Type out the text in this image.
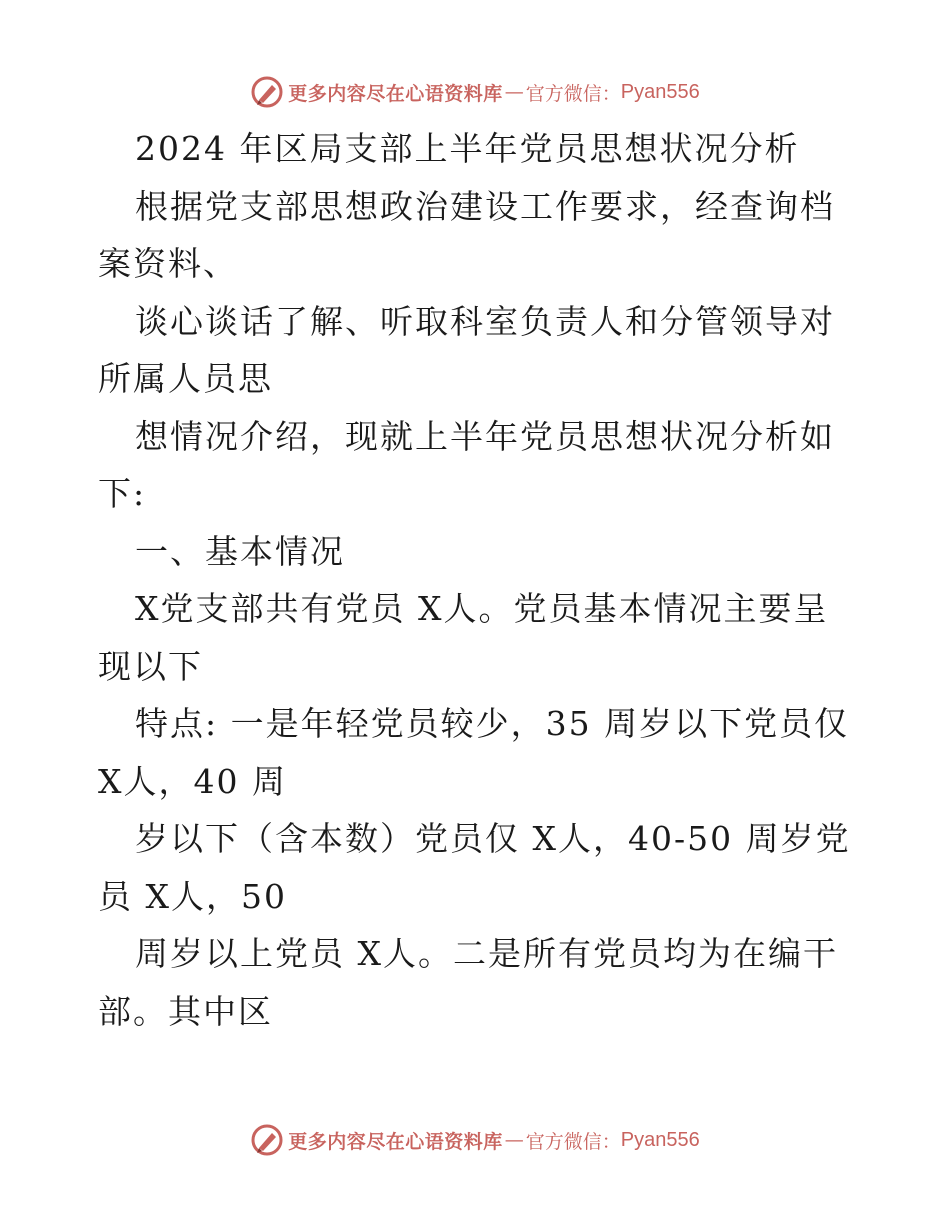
更多内容尽在心语资料库 — 官方微信： Pyan556

2024 年区局支部上半年党员思想状况分析

根据党支部思想政治建设工作要求，经查询档案资料、

谈心谈话了解、听取科室负责人和分管领导对所属人员思

想情况介绍，现就上半年党员思想状况分析如下:

一、基本情况

X党支部共有党员 X人。党员基本情况主要呈现以下

特点: 一是年轻党员较少，35 周岁以下党员仅 X人，40 周

岁以下（含本数）党员仅 X人，40-50 周岁党员 X人，50

周岁以上党员 X人。二是所有党员均为在编干部。其中区

更多内容尽在心语资料库 — 官方微信： Pyan556
